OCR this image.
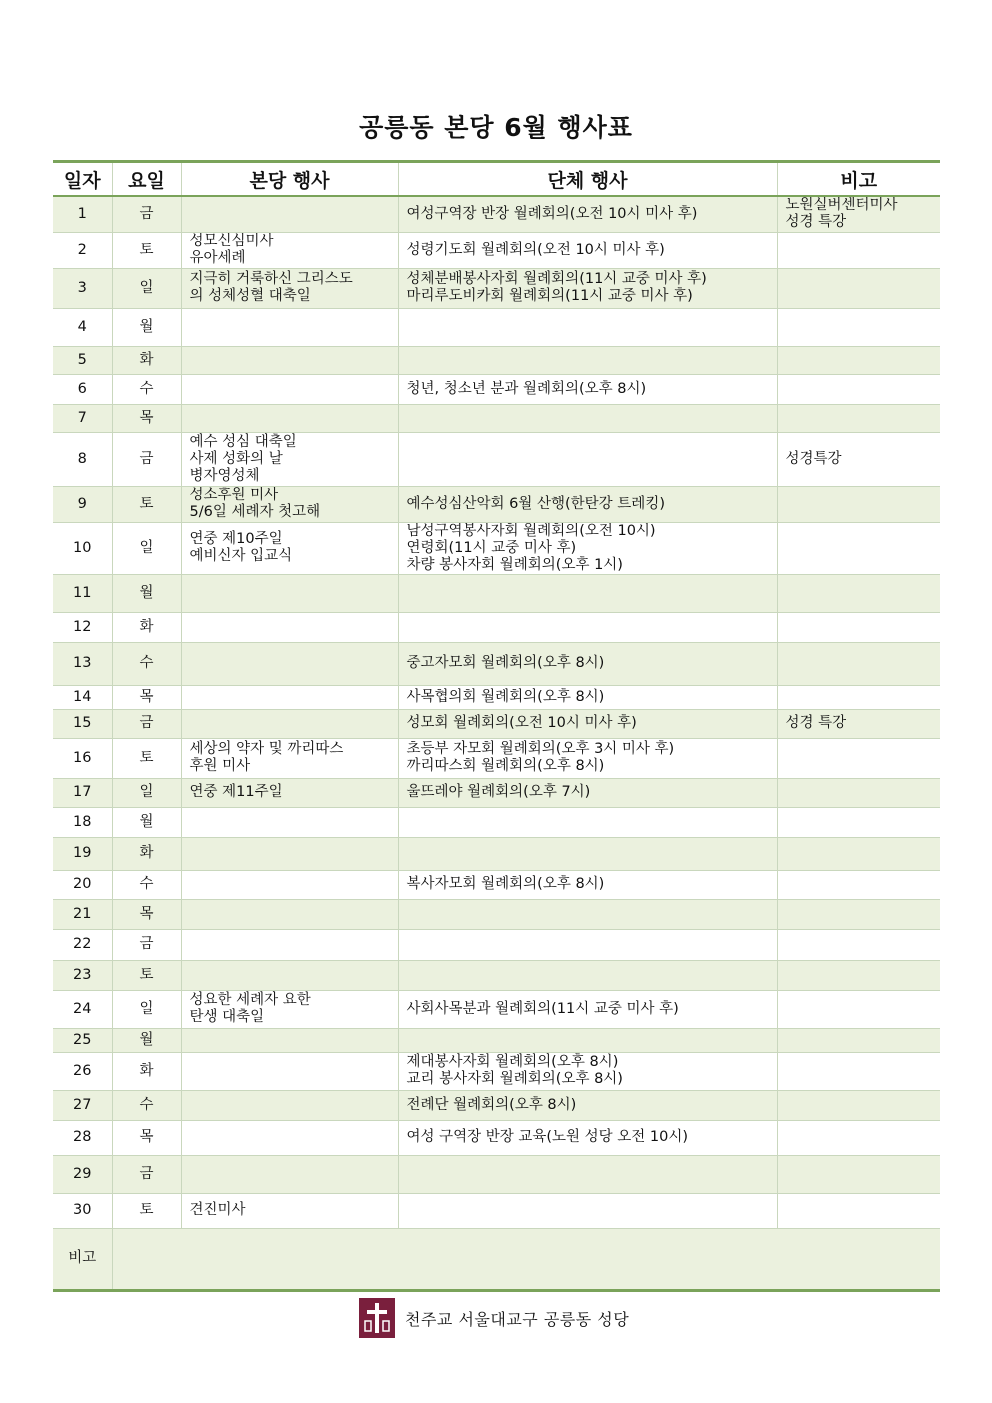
공릉동 본당 6월 행사표
일자	요일	본당 행사	단체 행사	비고
1	금		여성구역장 반장 월례회의(오전 10시 미사 후)	노원실버센터미사
성경 특강

2	토	성모신심미사
유아세례	성령기도회 월례회의(오전 10시 미사 후)	

3	일	지극히 거룩하신 그리스도
의 성체성혈 대축일	성체분배봉사자회 월례회의(11시 교중 미사 후)
마리루도비카회 월례회의(11시 교중 미사 후)	

4	월			
5	화			
6	수		청년, 청소년 분과 월례회의(오후 8시)	

7	목			
8	금	예수 성심 대축일
사제 성화의 날
병자영성체		성경특강

9	토	성소후원 미사
5/6일 세례자 첫고해	예수성심산악회 6월 산행(한탄강 트레킹)	

10	일	연중 제10주일
예비신자 입교식	남성구역봉사자회 월례회의(오전 10시)
연령회(11시 교중 미사 후)
차량 봉사자회 월례회의(오후 1시)	

11	월			
12	화			
13	수		중고자모회 월례회의(오후 8시)	

14	목		사목협의회 월례회의(오후 8시)	

15	금		성모회 월례회의(오전 10시 미사 후)	성경 특강

16	토	세상의 약자 및 까리따스
후원 미사	초등부 자모회 월례회의(오후 3시 미사 후)
까리따스회 월례회의(오후 8시)	

17	일	연중 제11주일	울뜨레야 월례회의(오후 7시)	

18	월			
19	화			
20	수		복사자모회 월례회의(오후 8시)	

21	목			
22	금			
23	토			
24	일	성요한 세례자 요한
탄생 대축일	사회사목분과 월례회의(11시 교중 미사 후)	

25	월			
26	화		제대봉사자회 월례회의(오후 8시)
교리 봉사자회 월례회의(오후 8시)	

27	수		전례단 월례회의(오후 8시)	

28	목		여성 구역장 반장 교육(노원 성당 오전 10시)	

29	금			
30	토	견진미사		

비고				
천주교 서울대교구 공릉동 성당
